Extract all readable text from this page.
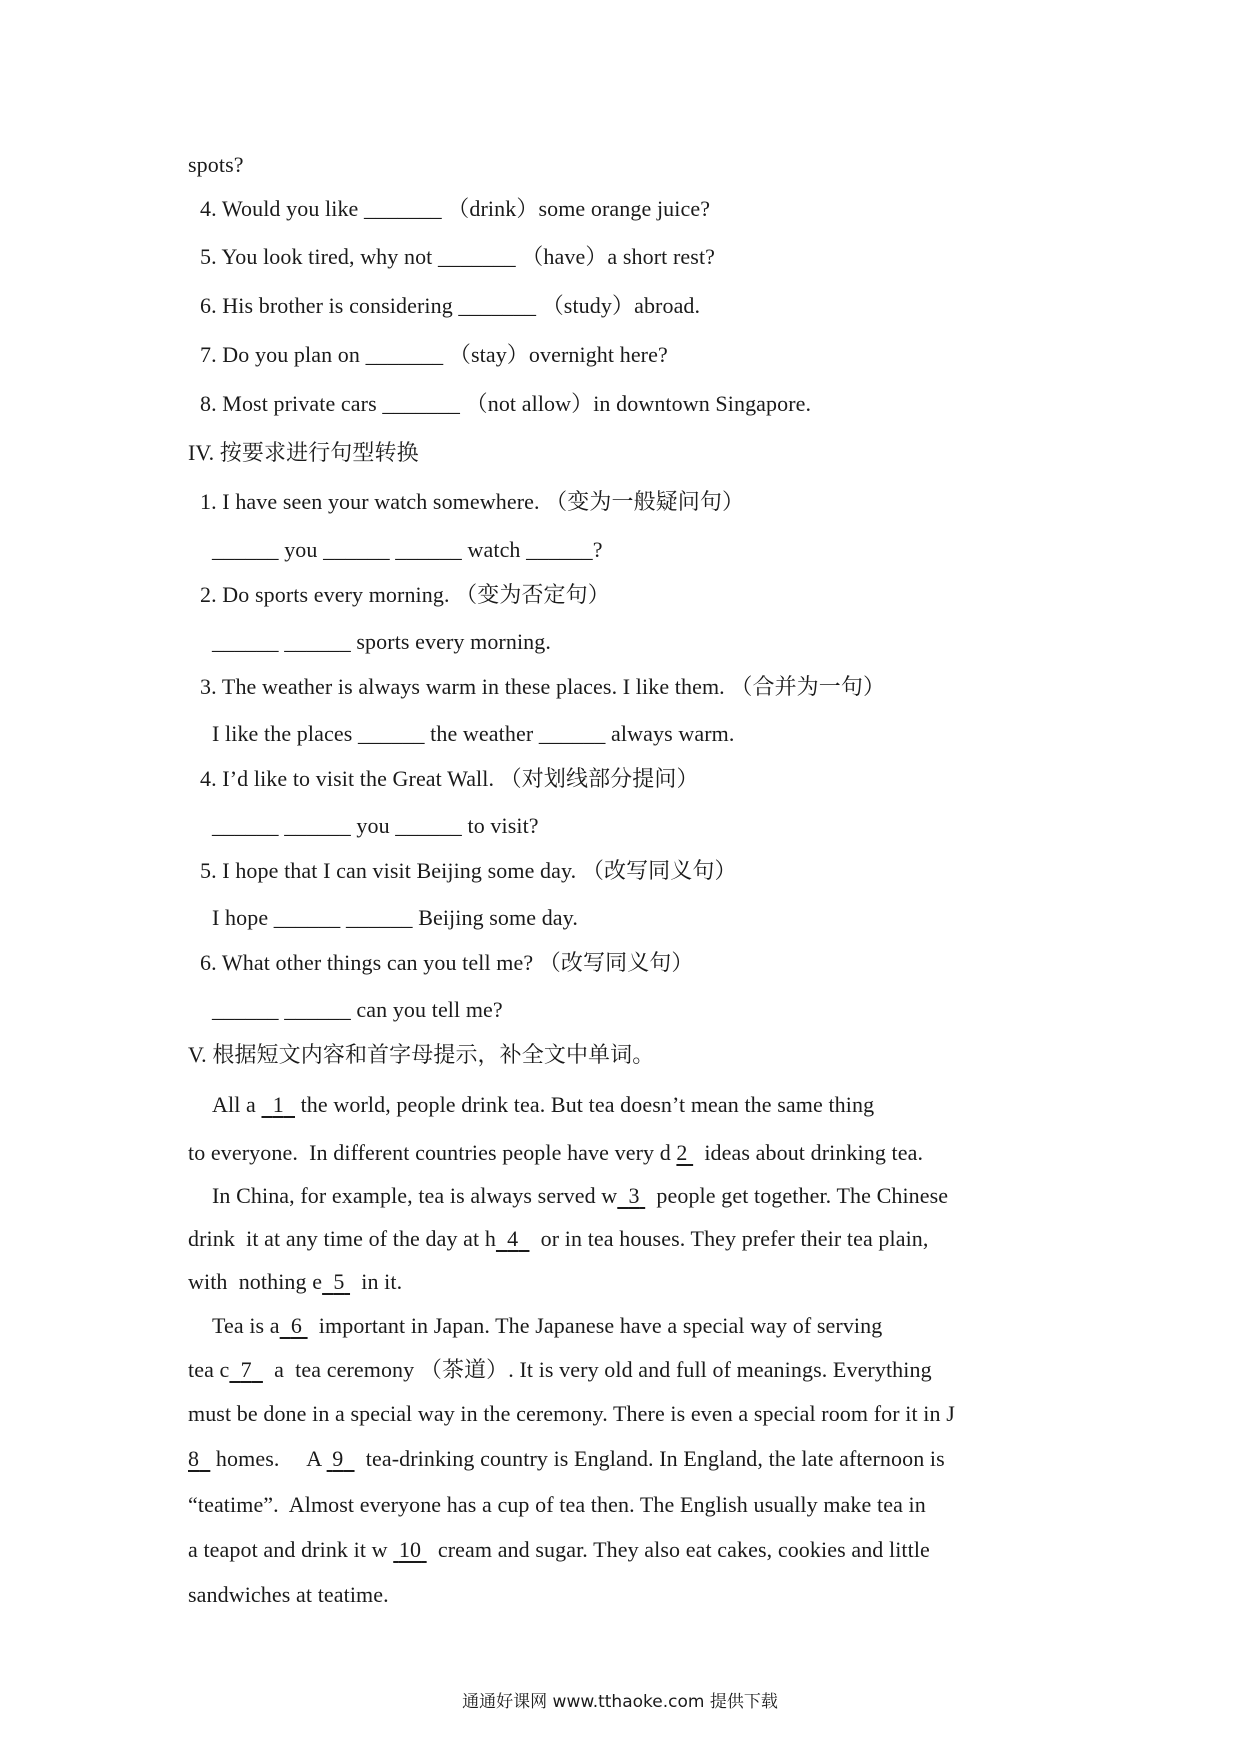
spots?
4. Would you like _______ （drink）some orange juice?
5. You look tired, why not _______ （have）a short rest?
6. His brother is considering _______ （study）abroad.
7. Do you plan on _______ （stay）overnight here?
8. Most private cars _______ （not allow）in downtown Singapore.
IV. 按要求进行句型转换
1. I have seen your watch somewhere. （变为一般疑问句）
______ you ______ ______ watch ______?
2. Do sports every morning. （变为否定句）
______ ______ sports every morning.
3. The weather is always warm in these places. I like them. （合并为一句）
I like the places ______ the weather ______ always warm.
4. I’d like to visit the Great Wall. （对划线部分提问）
______ ______ you ______ to visit?
5. I hope that I can visit Beijing some day. （改写同义句）
I hope ______ ______ Beijing some day.
6. What other things can you tell me? （改写同义句）
______ ______ can you tell me?
V. 根据短文内容和首字母提示，补全文中单词。
All a   1   the world, people drink tea. But tea doesn’t mean the same thing
to everyone.  In different countries people have very d 2   ideas about drinking tea.
In China, for example, tea is always served w 3   people get together. The Chinese
drink  it at any time of the day at h 4    or in tea houses. They prefer their tea plain,
with  nothing e 5   in it.
Tea is a 6   important in Japan. The Japanese have a special way of serving
tea c 7    a  tea ceremony （茶道）. It is very old and full of meanings. Everything
must be done in a special way in the ceremony. There is even a special room for it in J
8   homes.     A  9    tea-drinking country is England. In England, the late afternoon is
“teatime”.  Almost everyone has a cup of tea then. The English usually make tea in
a teapot and drink it w  10   cream and sugar. They also eat cakes, cookies and little
sandwiches at teatime.
通通好课网 www.tthaoke.com 提供下载
